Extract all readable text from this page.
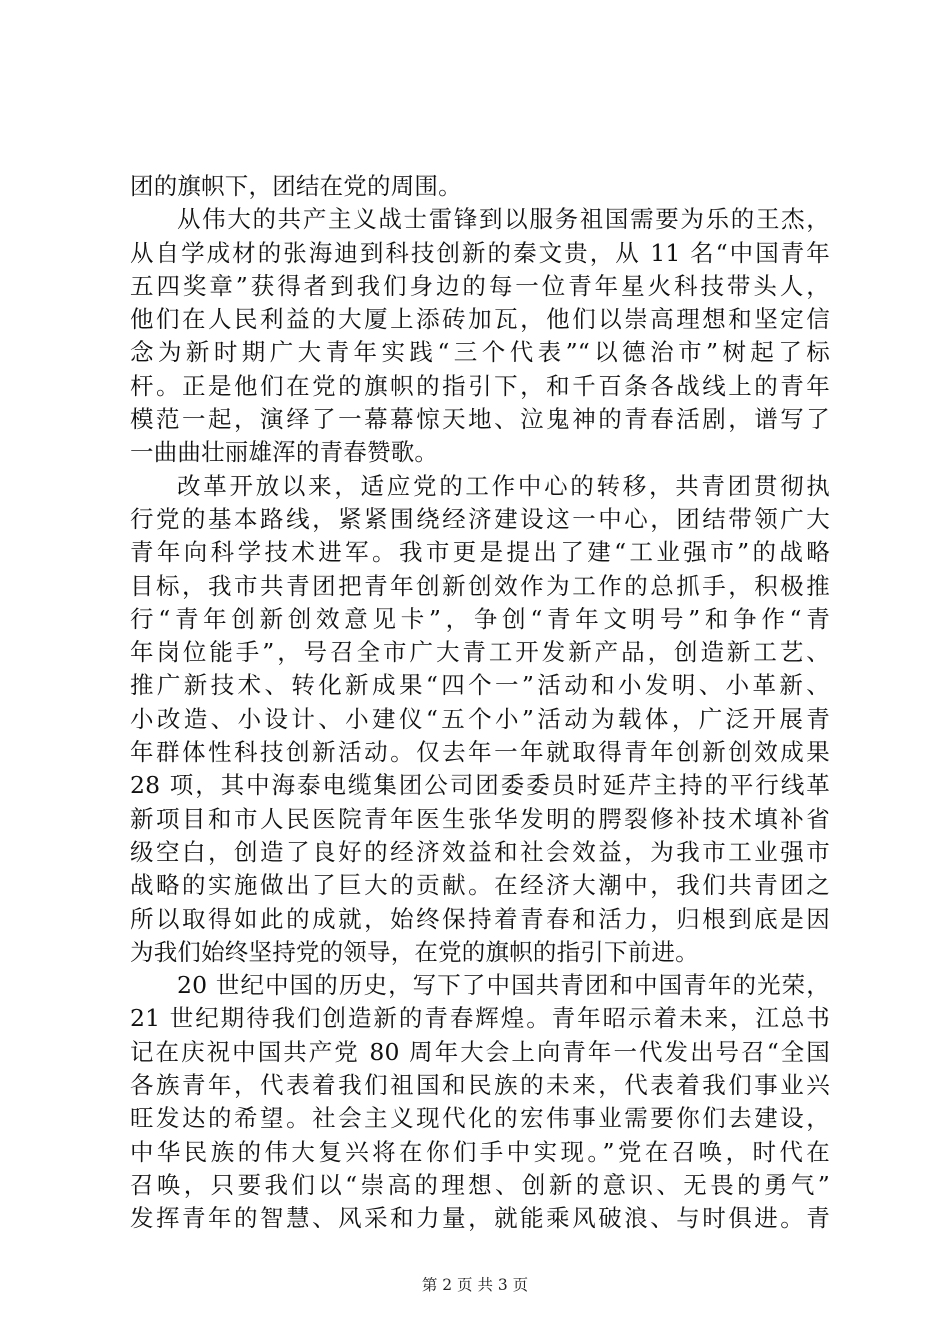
团的旗帜下，团结在党的周围。
从伟大的共产主义战士雷锋到以服务祖国需要为乐的王杰，
从自学成材的张海迪到科技创新的秦文贵，从 11 名“中国青年
五四奖章”获得者到我们身边的每一位青年星火科技带头人，
他们在人民利益的大厦上添砖加瓦，他们以崇高理想和坚定信
念为新时期广大青年实践“三个代表”“以德治市”树起了标
杆。正是他们在党的旗帜的指引下，和千百条各战线上的青年
模范一起，演绎了一幕幕惊天地、泣鬼神的青春活剧，谱写了
一曲曲壮丽雄浑的青春赞歌。
改革开放以来，适应党的工作中心的转移，共青团贯彻执
行党的基本路线，紧紧围绕经济建设这一中心，团结带领广大
青年向科学技术进军。我市更是提出了建“工业强市”的战略
目标，我市共青团把青年创新创效作为工作的总抓手，积极推
行“青年创新创效意见卡”，争创“青年文明号”和争作“青
年岗位能手”，号召全市广大青工开发新产品，创造新工艺、
推广新技术、转化新成果“四个一”活动和小发明、小革新、
小改造、小设计、小建仪“五个小”活动为载体，广泛开展青
年群体性科技创新活动。仅去年一年就取得青年创新创效成果
28 项，其中海泰电缆集团公司团委委员时延芹主持的平行线革
新项目和市人民医院青年医生张华发明的腭裂修补技术填补省
级空白，创造了良好的经济效益和社会效益，为我市工业强市
战略的实施做出了巨大的贡献。在经济大潮中，我们共青团之
所以取得如此的成就，始终保持着青春和活力，归根到底是因
为我们始终坚持党的领导，在党的旗帜的指引下前进。
20 世纪中国的历史，写下了中国共青团和中国青年的光荣，
21 世纪期待我们创造新的青春辉煌。青年昭示着未来，江总书
记在庆祝中国共产党 80 周年大会上向青年一代发出号召“全国
各族青年，代表着我们祖国和民族的未来，代表着我们事业兴
旺发达的希望。社会主义现代化的宏伟事业需要你们去建设，
中华民族的伟大复兴将在你们手中实现。”党在召唤，时代在
召唤，只要我们以“崇高的理想、创新的意识、无畏的勇气”
发挥青年的智慧、风采和力量，就能乘风破浪、与时俱进。青
第 2 页 共 3 页
